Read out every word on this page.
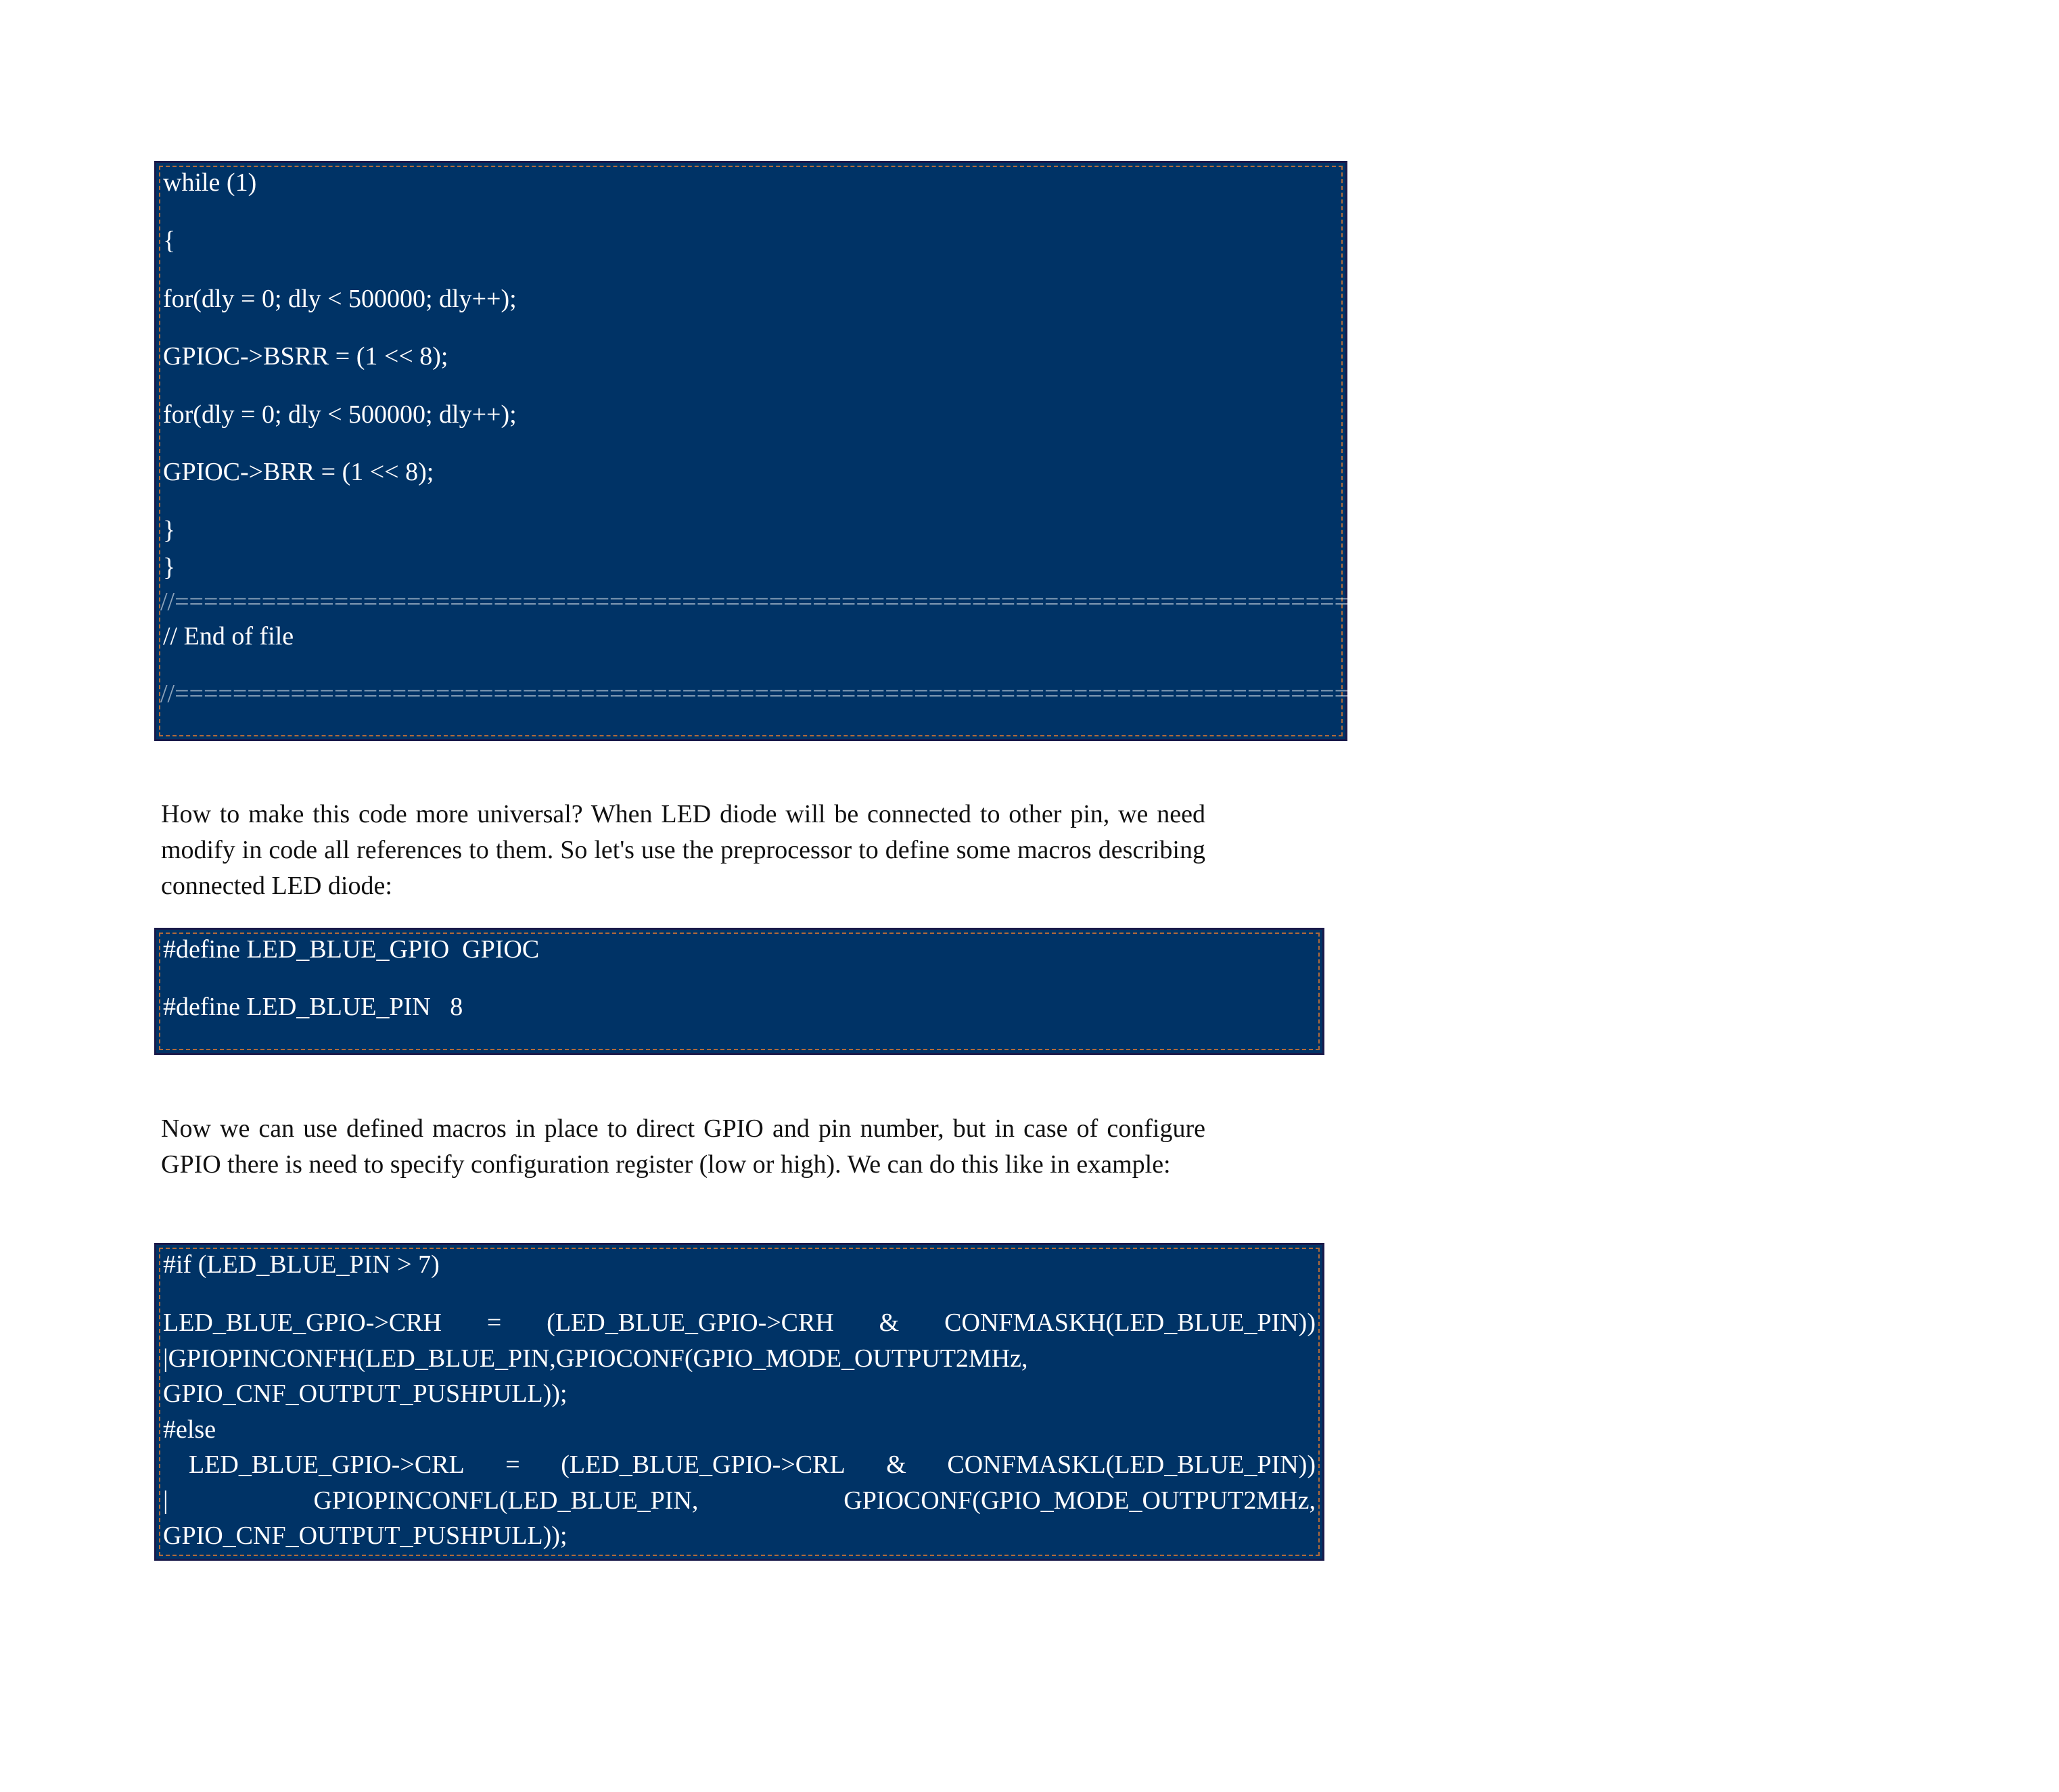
while (1)
{
for(dly = 0; dly < 500000; dly++);
GPIOC->BSRR = (1 << 8);
for(dly = 0; dly < 500000; dly++);
GPIOC->BRR = (1 << 8);
}
}
//==================================================================================================================================
// End of file
//==================================================================================================================================
How to make this code more universal? When LED diode will be connected to other pin, we need modify in code all references to them. So let's use the preprocessor to define some macros describing connected LED diode:
#define LED_BLUE_GPIO  GPIOC
#define LED_BLUE_PIN   8
Now we can use defined macros in place to direct GPIO and pin number, but in case of configure GPIO there is need to specify configuration register (low or high). We can do this like in example:
#if (LED_BLUE_PIN > 7)
LED_BLUE_GPIO->CRH = (LED_BLUE_GPIO->CRH & CONFMASKH(LED_BLUE_PIN))
|GPIOPINCONFH(LED_BLUE_PIN,GPIOCONF(GPIO_MODE_OUTPUT2MHz,
GPIO_CNF_OUTPUT_PUSHPULL));
#else
LED_BLUE_GPIO->CRL = (LED_BLUE_GPIO->CRL & CONFMASKL(LED_BLUE_PIN))
|	GPIOPINCONFL(LED_BLUE_PIN,	GPIOCONF(GPIO_MODE_OUTPUT2MHz,
GPIO_CNF_OUTPUT_PUSHPULL));
